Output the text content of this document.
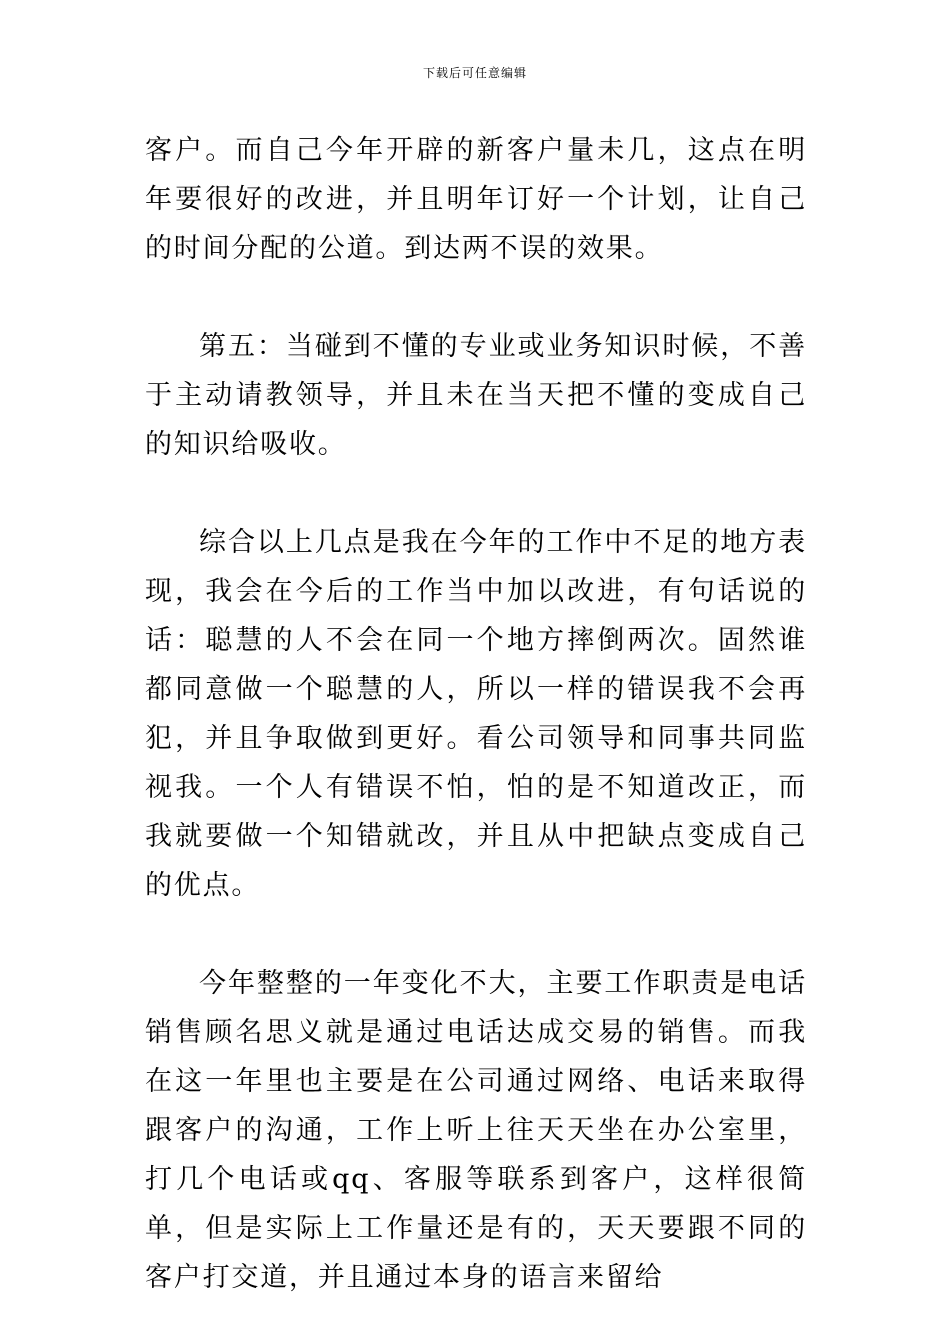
下载后可任意编辑

客户。而自己今年开辟的新客户量未几，这点在明年要很好的改进，并且明年订好一个计划，让自己的时间分配的公道。到达两不误的效果。

第五：当碰到不懂的专业或业务知识时候，不善于主动请教领导，并且未在当天把不懂的变成自己的知识给吸收。

综合以上几点是我在今年的工作中不足的地方表现，我会在今后的工作当中加以改进，有句话说的话：聪慧的人不会在同一个地方摔倒两次。固然谁都同意做一个聪慧的人，所以一样的错误我不会再犯，并且争取做到更好。看公司领导和同事共同监视我。一个人有错误不怕，怕的是不知道改正，而我就要做一个知错就改，并且从中把缺点变成自己的优点。

今年整整的一年变化不大，主要工作职责是电话销售顾名思义就是通过电话达成交易的销售。而我在这一年里也主要是在公司通过网络、电话来取得跟客户的沟通，工作上听上往天天坐在办公室里，打几个电话或qq、客服等联系到客户，这样很简单，但是实际上工作量还是有的，天天要跟不同的客户打交道，并且通过本身的语言来留给
